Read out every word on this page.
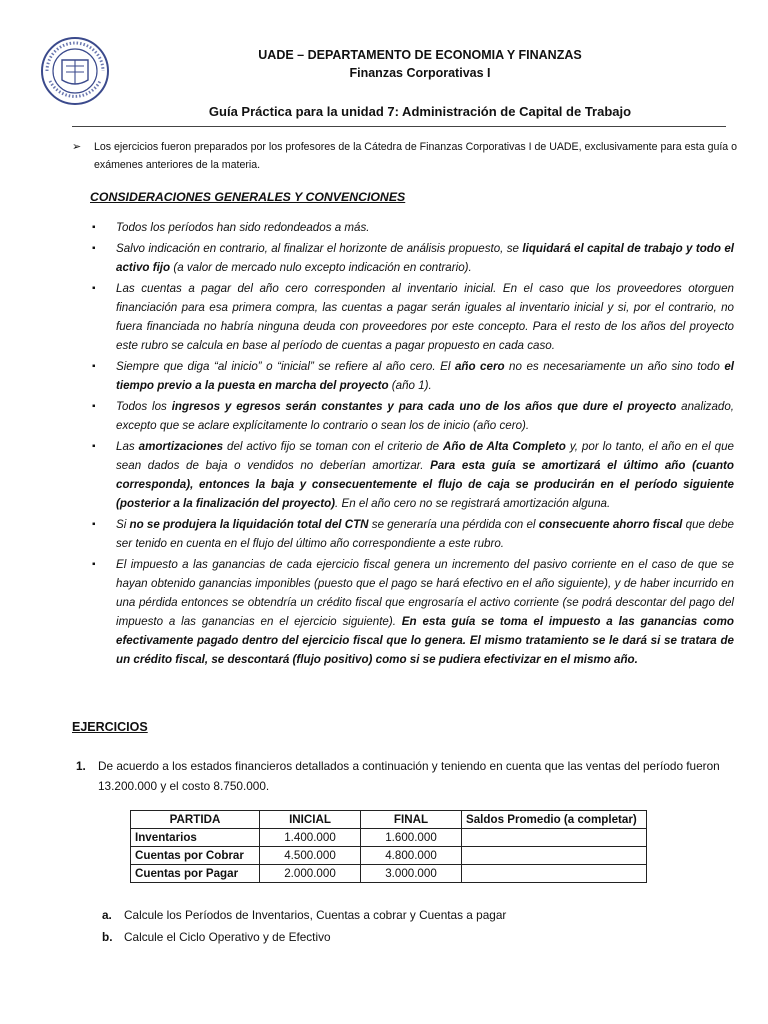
UADE – DEPARTAMENTO DE ECONOMIA Y FINANZAS
Finanzas Corporativas I
Guía Práctica para la unidad 7: Administración de Capital de Trabajo
➢ Los ejercicios fueron preparados por los profesores de la Cátedra de Finanzas Corporativas I de UADE, exclusivamente para esta guía o exámenes anteriores de la materia.
CONSIDERACIONES GENERALES Y CONVENCIONES
▪ Todos los períodos han sido redondeados a más.
▪ Salvo indicación en contrario, al finalizar el horizonte de análisis propuesto, se liquidará el capital de trabajo y todo el activo fijo (a valor de mercado nulo excepto indicación en contrario).
▪ Las cuentas a pagar del año cero corresponden al inventario inicial. En el caso que los proveedores otorguen financiación para esa primera compra, las cuentas a pagar serán iguales al inventario inicial y si, por el contrario, no fuera financiada no habría ninguna deuda con proveedores por este concepto. Para el resto de los años del proyecto este rubro se calcula en base al período de cuentas a pagar propuesto en cada caso.
▪ Siempre que diga “al inicio” o “inicial” se refiere al año cero. El año cero no es necesariamente un año sino todo el tiempo previo a la puesta en marcha del proyecto (año 1).
▪ Todos los ingresos y egresos serán constantes y para cada uno de los años que dure el proyecto analizado, excepto que se aclare explícitamente lo contrario o sean los de inicio (año cero).
▪ Las amortizaciones del activo fijo se toman con el criterio de Año de Alta Completo y, por lo tanto, el año en el que sean dados de baja o vendidos no deberían amortizar. Para esta guía se amortizará el último año (cuanto corresponda), entonces la baja y consecuentemente el flujo de caja se producirán en el período siguiente (posterior a la finalización del proyecto). En el año cero no se registrará amortización alguna.
▪ Si no se produjera la liquidación total del CTN se generaría una pérdida con el consecuente ahorro fiscal que debe ser tenido en cuenta en el flujo del último año correspondiente a este rubro.
▪ El impuesto a las ganancias de cada ejercicio fiscal genera un incremento del pasivo corriente en el caso de que se hayan obtenido ganancias imponibles (puesto que el pago se hará efectivo en el año siguiente), y de haber incurrido en una pérdida entonces se obtendría un crédito fiscal que engrosaría el activo corriente (se podrá descontar del pago del impuesto a las ganancias en el ejercicio siguiente). En esta guía se toma el impuesto a las ganancias como efectivamente pagado dentro del ejercicio fiscal que lo genera. El mismo tratamiento se le dará si se tratara de un crédito fiscal, se descontará (flujo positivo) como si se pudiera efectivizar en el mismo año.
EJERCICIOS
1. De acuerdo a los estados financieros detallados a continuación y teniendo en cuenta que las ventas del período fueron 13.200.000 y el costo 8.750.000.
PARTIDA	INICIAL	FINAL	Saldos Promedio (a completar)
Inventarios	1.400.000	1.600.000	
Cuentas por Cobrar	4.500.000	4.800.000	
Cuentas por Pagar	2.000.000	3.000.000	
a. Calcule los Períodos de Inventarios, Cuentas a cobrar y Cuentas a pagar
b. Calcule el Ciclo Operativo y de Efectivo
